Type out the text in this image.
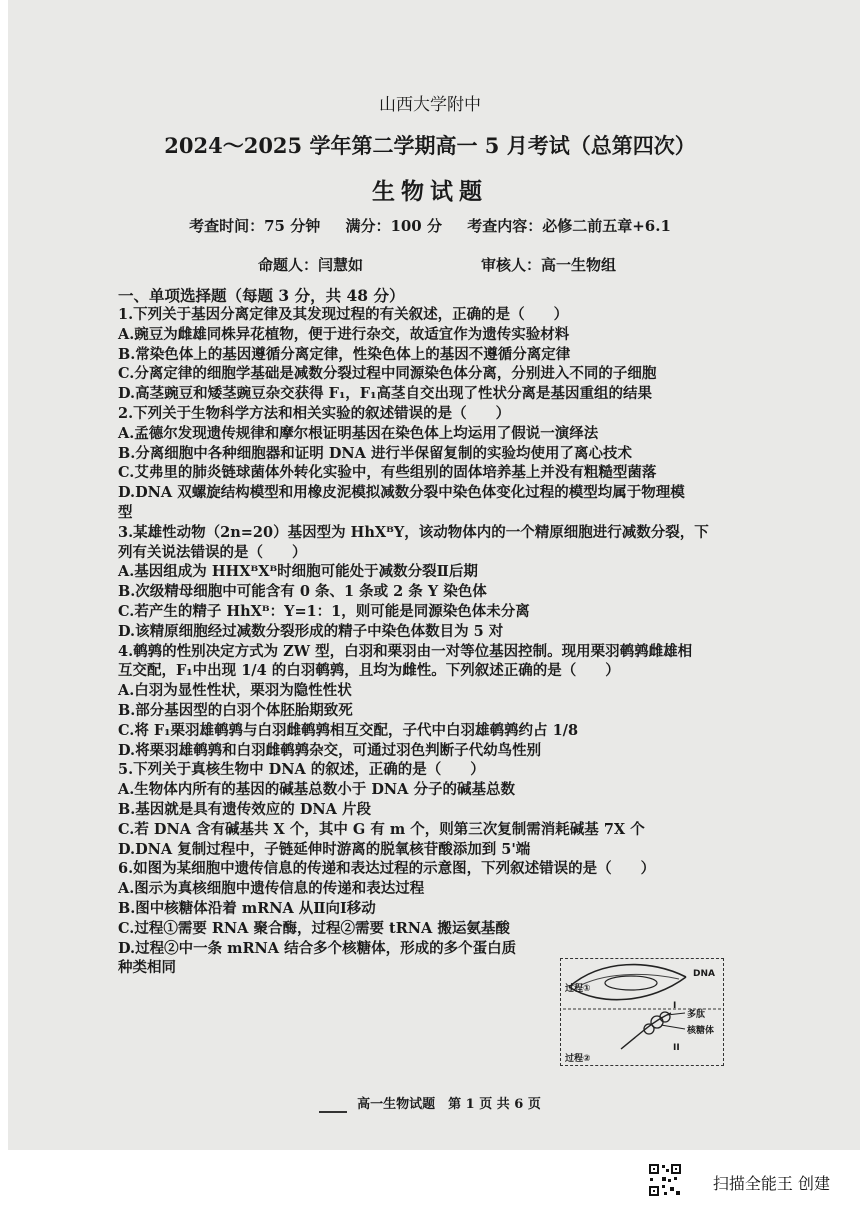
山西大学附中
2024～2025 学年第二学期高一 5 月考试（总第四次）
生物试题
考查时间：75 分钟 满分：100 分 考查内容：必修二前五章+6.1
命题人：闫慧如	审核人：高一生物组
一、单项选择题（每题 3 分，共 48 分）
1.下列关于基因分离定律及其发现过程的有关叙述，正确的是（　　）
A.豌豆为雌雄同株异花植物，便于进行杂交，故适宜作为遗传实验材料
B.常染色体上的基因遵循分离定律，性染色体上的基因不遵循分离定律
C.分离定律的细胞学基础是减数分裂过程中同源染色体分离，分别进入不同的子细胞
D.高茎豌豆和矮茎豌豆杂交获得 F₁，F₁高茎自交出现了性状分离是基因重组的结果
2.下列关于生物科学方法和相关实验的叙述错误的是（　　）
A.孟德尔发现遗传规律和摩尔根证明基因在染色体上均运用了假说一演绎法
B.分离细胞中各种细胞器和证明 DNA 进行半保留复制的实验均使用了离心技术
C.艾弗里的肺炎链球菌体外转化实验中，有些组别的固体培养基上并没有粗糙型菌落
D.DNA 双螺旋结构模型和用橡皮泥模拟减数分裂中染色体变化过程的模型均属于物理模
型
3.某雄性动物（2n=20）基因型为 HhXᴮY，该动物体内的一个精原细胞进行减数分裂，下
列有关说法错误的是（　　）
A.基因组成为 HHXᴮXᴮ时细胞可能处于减数分裂Ⅱ后期
B.次级精母细胞中可能含有 0 条、1 条或 2 条 Y 染色体
C.若产生的精子 HhXᴮ：Y=1：1，则可能是同源染色体未分离
D.该精原细胞经过减数分裂形成的精子中染色体数目为 5 对
4.鹌鹑的性别决定方式为 ZW 型，白羽和栗羽由一对等位基因控制。现用栗羽鹌鹑雌雄相
互交配，F₁中出现 1/4 的白羽鹌鹑，且均为雌性。下列叙述正确的是（　　）
A.白羽为显性性状，栗羽为隐性性状
B.部分基因型的白羽个体胚胎期致死
C.将 F₁栗羽雄鹌鹑与白羽雌鹌鹑相互交配，子代中白羽雄鹌鹑约占 1/8
D.将栗羽雄鹌鹑和白羽雌鹌鹑杂交，可通过羽色判断子代幼鸟性别
5.下列关于真核生物中 DNA 的叙述，正确的是（　　）
A.生物体内所有的基因的碱基总数小于 DNA 分子的碱基总数
B.基因就是具有遗传效应的 DNA 片段
C.若 DNA 含有碱基共 X 个，其中 G 有 m 个，则第三次复制需消耗碱基 7X 个
D.DNA 复制过程中，子链延伸时游离的脱氧核苷酸添加到 5'端
6.如图为某细胞中遗传信息的传递和表达过程的示意图，下列叙述错误的是（　　）
A.图示为真核细胞中遗传信息的传递和表达过程
B.图中核糖体沿着 mRNA 从Ⅱ向Ⅰ移动
C.过程①需要 RNA 聚合酶，过程②需要 tRNA 搬运氨基酸
D.过程②中一条 mRNA 结合多个核糖体，形成的多个蛋白质
种类相同	DNA
过程①
多肽
核糖体
I
II
过程②
高一生物试题　第 1 页 共 6 页
扫描全能王 创建
